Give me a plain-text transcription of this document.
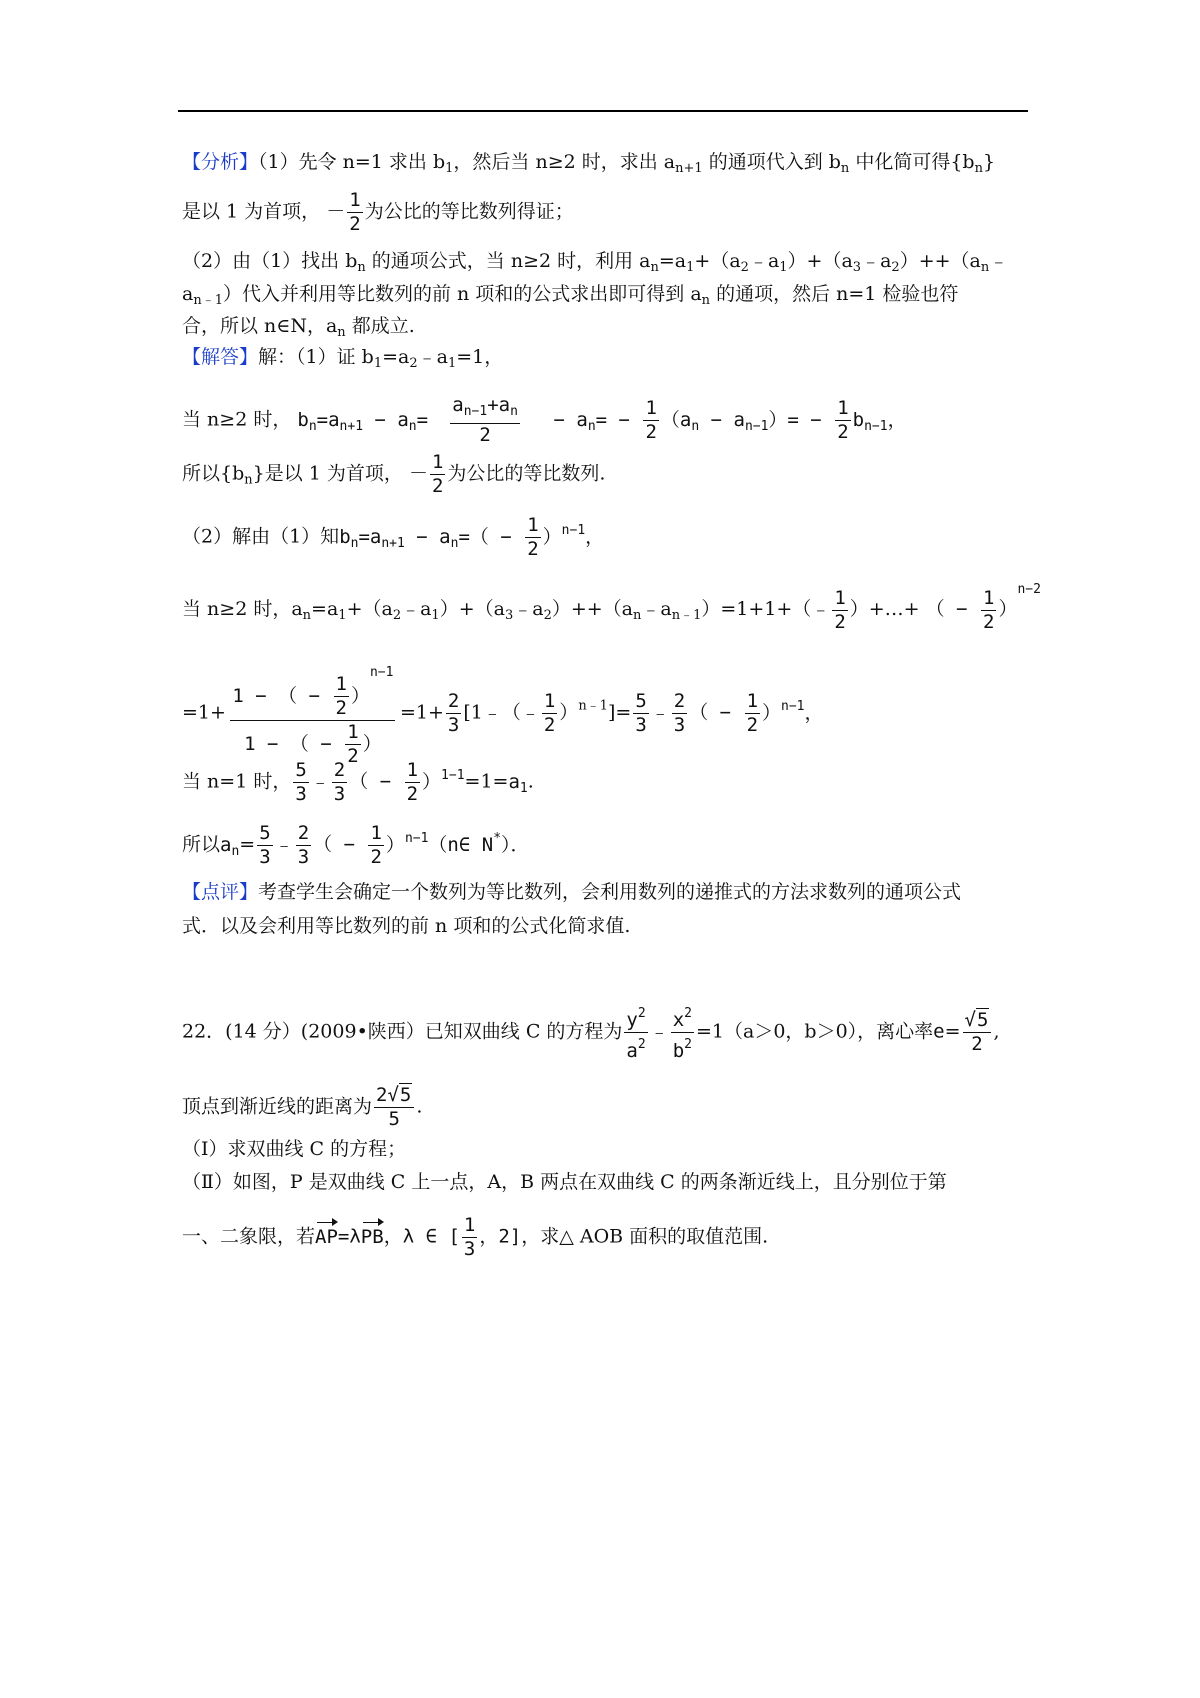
【分析】（1）先令 n=1 求出 $b_1$，然后当 n≥2 时，求出 $a_{n+1}$ 的通项代入到 $b_n$ 中化简可得$\{b_n\}$
是以 1 为首项， － $\frac{1}{2}$ 为公比的等比数列得证；
（2）由（1）找出 $b_n$ 的通项公式，当 n≥2 时，利用 $a_n=a_1+(a_2﹣a_1)+(a_3﹣a_2)++(a_n﹣$
$a_{n﹣1}$）代入并利用等比数列的前 n 项和的公式求出即可得到 $a_n$ 的通项，然后 n=1 检验也符
合，所以 n∈N，$a_n$ 都成立.
【解答】解：（1）证 $b_1=a_2﹣a_1=1$，
当 n≥2 时， $b_n=a_{n+1} - a_n= \frac{a_{n-1}+a_n}{2} - a_n= - \frac{1}{2} (a_n - a_{n-1})= - \frac{1}{2} b_{n-1}$，
所以$\{b_n\}$是以 1 为首项， － $\frac{1}{2}$ 为公比的等比数列.
（2）解由（1）知$b_n=a_{n+1} - a_n=( - \frac{1}{2} )^{n-1}$，
当 n≥2 时，$a_n=a_1+(a_2﹣a_1)+(a_3﹣a_2)++(a_n﹣a_{n﹣1})=1+1+(﹣ \frac{1}{2}$ ）+…+ （ − $\frac{1}{2} )^{n-2}$
$=1+ \frac{1 - ( - \frac{1}{2} )^{n-1}}{1 - ( - \frac{1}{2} )} =1+ \frac{2}{3}$ [1﹣（﹣ $\frac{1}{2} )^{n﹣1}]= \frac{5}{3}$ ﹣ $\frac{2}{3}$ （ − $\frac{1}{2} )^{n-1}$，
当 n=1 时， $\frac{5}{3}$ ﹣ $\frac{2}{3}$ （ − $\frac{1}{2} )^{1-1}=1=a_1$.
所以$a_n= \frac{5}{3}$ ﹣ $\frac{2}{3}$ （ − $\frac{1}{2}$ ）$^{n-1}$（n∈ N*）．
【点评】考查学生会确定一个数列为等比数列，会利用数列的递推式的方法求数列的通项公式
式．以及会利用等比数列的前 n 项和的公式化简求值.
22．(14 分）(2009•陕西）已知双曲线 C 的方程为 $\frac{y^2}{a^2}$ ﹣ $\frac{x^2}{b^2} =1(a>0$，b＞0），离心率$e= \frac{√5}{2}$ ,
顶点到渐近线的距离为 $\frac{2√5}{5}$ .
（Ⅰ）求双曲线 C 的方程；
（Ⅱ）如图，P 是双曲线 C 上一点，A，B 两点在双曲线 C 的两条渐近线上，且分别位于第
一、二象限，若AP=λPB，λ ∈ [ $\frac{1}{3}$ ，2]，求△ AOB 面积的取值范围.
